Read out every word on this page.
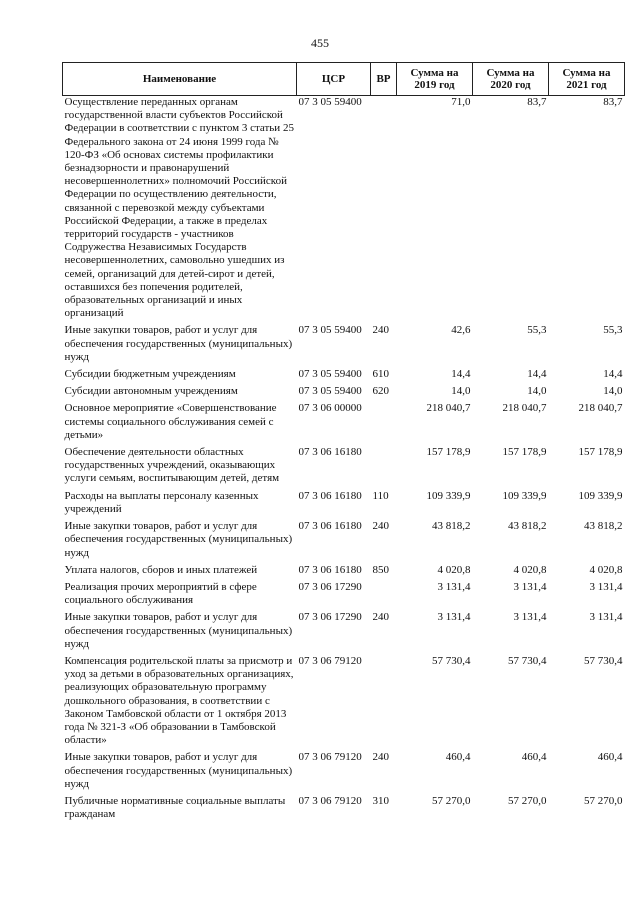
455
Наименование	ЦСР	ВР	Сумма на 2019 год	Сумма на 2020 год	Сумма на 2021 год
Осуществление переданных органам государственной власти субъектов Российской Федерации в соответствии с пунктом 3 статьи 25 Федерального закона от 24 июня 1999 года № 120-ФЗ «Об основах системы профилактики безнадзорности и правонарушений несовершеннолетних» полномочий Российской Федерации по осуществлению деятельности, связанной с перевозкой между субъектами Российской Федерации, а также в пределах территорий государств - участников Содружества Независимых Государств несовершеннолетних, самовольно ушедших из семей, организаций для детей-сирот и детей, оставшихся без попечения родителей, образовательных организаций и иных организаций	07 3 05 59400		71,0	83,7	83,7
Иные закупки товаров, работ и услуг для обеспечения государственных (муниципальных) нужд	07 3 05 59400	240	42,6	55,3	55,3
Субсидии бюджетным учреждениям	07 3 05 59400	610	14,4	14,4	14,4
Субсидии автономным учреждениям	07 3 05 59400	620	14,0	14,0	14,0
Основное мероприятие «Совершенствование системы социального обслуживания семей с детьми»	07 3 06 00000		218 040,7	218 040,7	218 040,7
Обеспечение деятельности областных государственных учреждений, оказывающих услуги семьям, воспитывающим детей, детям	07 3 06 16180		157 178,9	157 178,9	157 178,9
Расходы на выплаты персоналу казенных учреждений	07 3 06 16180	110	109 339,9	109 339,9	109 339,9
Иные закупки товаров, работ и услуг для обеспечения государственных (муниципальных) нужд	07 3 06 16180	240	43 818,2	43 818,2	43 818,2
Уплата налогов, сборов и иных платежей	07 3 06 16180	850	4 020,8	4 020,8	4 020,8
Реализация прочих мероприятий в сфере социального обслуживания	07 3 06 17290		3 131,4	3 131,4	3 131,4
Иные закупки товаров, работ и услуг для обеспечения государственных (муниципальных) нужд	07 3 06 17290	240	3 131,4	3 131,4	3 131,4
Компенсация родительской платы за присмотр и уход за детьми в образовательных организациях, реализующих образовательную программу дошкольного образования, в соответствии с Законом Тамбовской области от 1 октября 2013 года № 321-З «Об образовании в Тамбовской области»	07 3 06 79120		57 730,4	57 730,4	57 730,4
Иные закупки товаров, работ и услуг для обеспечения государственных (муниципальных) нужд	07 3 06 79120	240	460,4	460,4	460,4
Публичные нормативные социальные выплаты гражданам	07 3 06 79120	310	57 270,0	57 270,0	57 270,0
